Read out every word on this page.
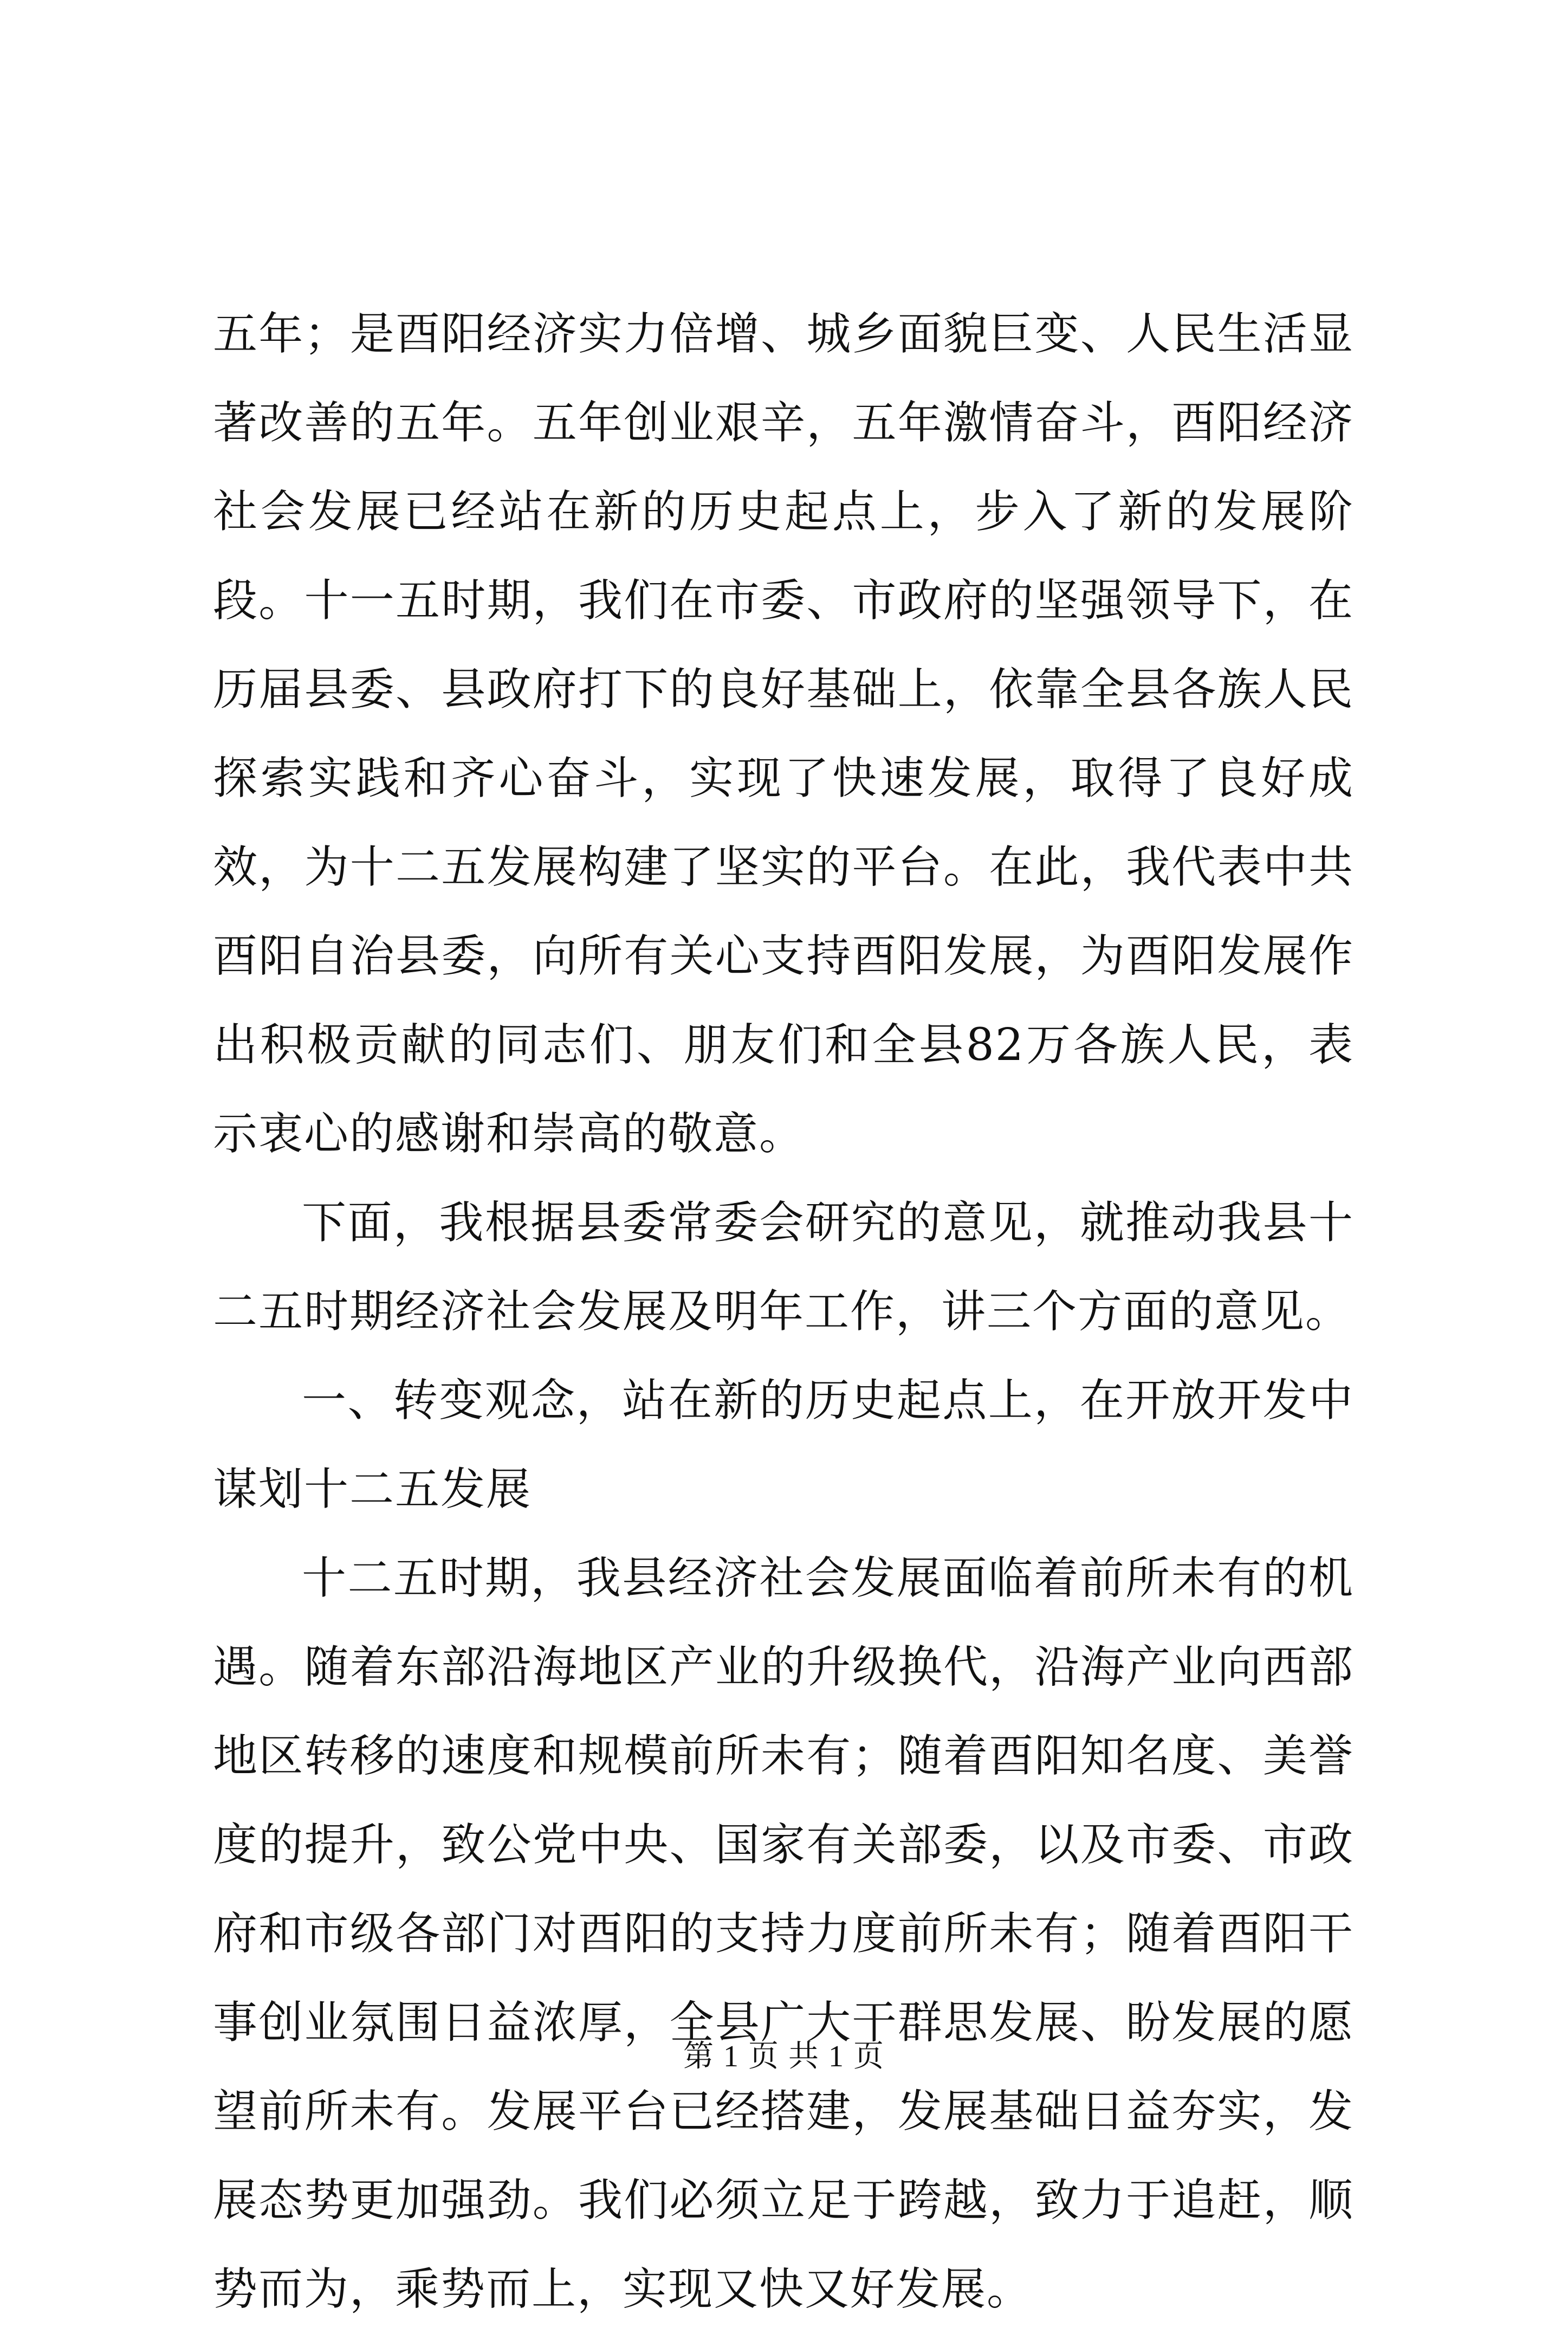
五年；是酉阳经济实力倍增、城乡面貌巨变、人民生活显著改善的五年。五年创业艰辛，五年激情奋斗，酉阳经济社会发展已经站在新的历史起点上，步入了新的发展阶段。十一五时期，我们在市委、市政府的坚强领导下，在历届县委、县政府打下的良好基础上，依靠全县各族人民探索实践和齐心奋斗，实现了快速发展，取得了良好成效，为十二五发展构建了坚实的平台。在此，我代表中共酉阳自治县委，向所有关心支持酉阳发展，为酉阳发展作出积极贡献的同志们、朋友们和全县82万各族人民，表示衷心的感谢和崇高的敬意。

下面，我根据县委常委会研究的意见，就推动我县十二五时期经济社会发展及明年工作，讲三个方面的意见。

一、转变观念，站在新的历史起点上，在开放开发中谋划十二五发展

十二五时期，我县经济社会发展面临着前所未有的机遇。随着东部沿海地区产业的升级换代，沿海产业向西部地区转移的速度和规模前所未有；随着酉阳知名度、美誉度的提升，致公党中央、国家有关部委，以及市委、市政府和市级各部门对酉阳的支持力度前所未有；随着酉阳干事创业氛围日益浓厚，全县广大干群思发展、盼发展的愿望前所未有。发展平台已经搭建，发展基础日益夯实，发展态势更加强劲。我们必须立足于跨越，致力于追赶，顺势而为，乘势而上，实现又快又好发展。

第 1 页 共 1 页
